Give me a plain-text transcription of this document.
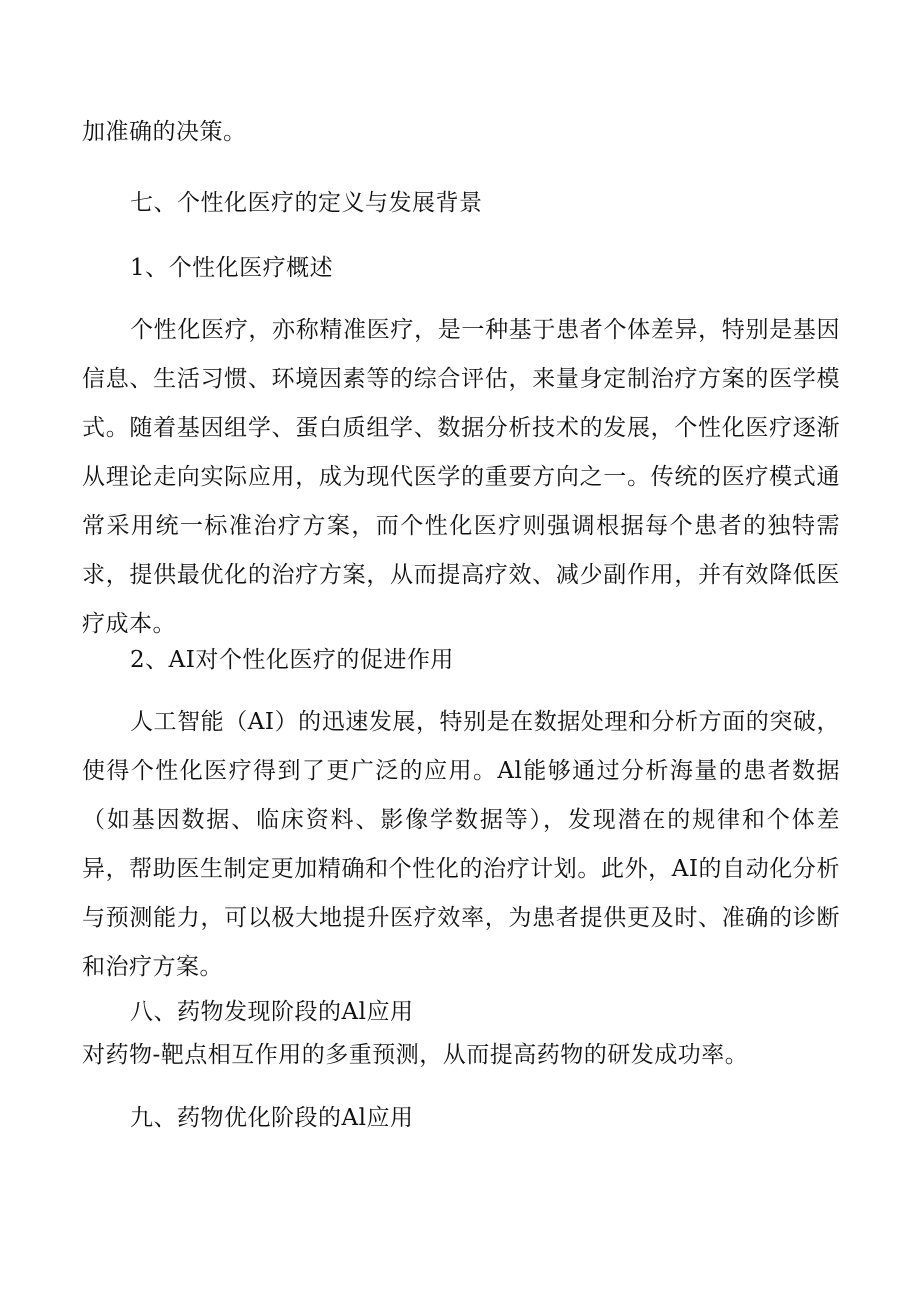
加准确的决策。
七、个性化医疗的定义与发展背景
1、个性化医疗概述
个性化医疗，亦称精准医疗，是一种基于患者个体差异，特别是基因信息、生活习惯、环境因素等的综合评估，来量身定制治疗方案的医学模式。随着基因组学、蛋白质组学、数据分析技术的发展，个性化医疗逐渐从理论走向实际应用，成为现代医学的重要方向之一。传统的医疗模式通常采用统一标准治疗方案，而个性化医疗则强调根据每个患者的独特需求，提供最优化的治疗方案，从而提高疗效、减少副作用，并有效降低医疗成本。
2、AI对个性化医疗的促进作用
人工智能（AI）的迅速发展，特别是在数据处理和分析方面的突破，使得个性化医疗得到了更广泛的应用。Al能够通过分析海量的患者数据（如基因数据、临床资料、影像学数据等），发现潜在的规律和个体差异，帮助医生制定更加精确和个性化的治疗计划。此外，AI的自动化分析与预测能力，可以极大地提升医疗效率，为患者提供更及时、准确的诊断和治疗方案。
八、药物发现阶段的Al应用
对药物-靶点相互作用的多重预测，从而提高药物的研发成功率。
九、药物优化阶段的Al应用
